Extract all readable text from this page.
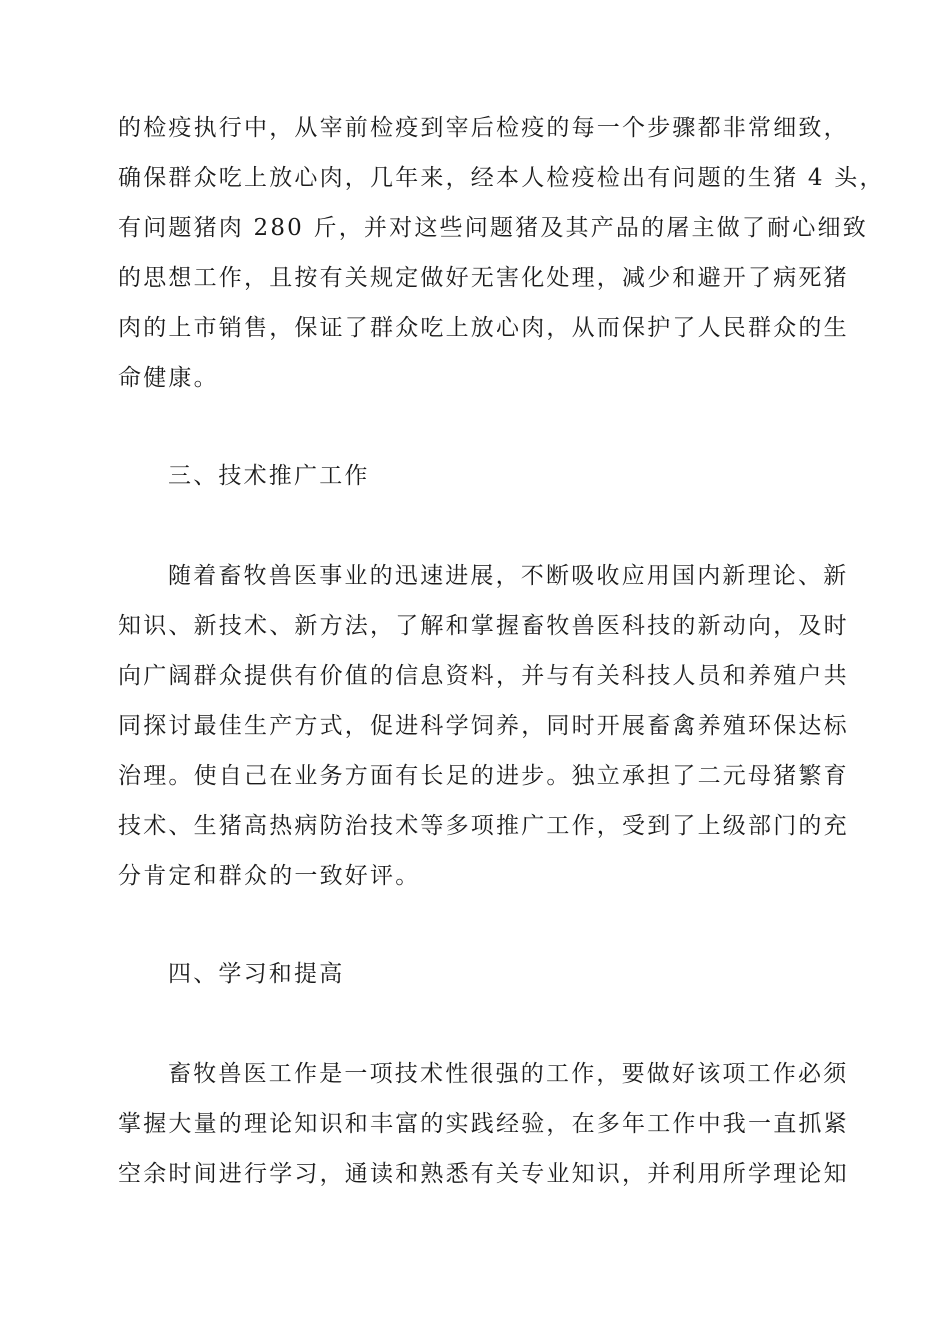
的检疫执行中，从宰前检疫到宰后检疫的每一个步骤都非常细致，
确保群众吃上放心肉，几年来，经本人检疫检出有问题的生猪 4 头，
有问题猪肉 280 斤，并对这些问题猪及其产品的屠主做了耐心细致
的思想工作，且按有关规定做好无害化处理，减少和避开了病死猪
肉的上市销售，保证了群众吃上放心肉，从而保护了人民群众的生
命健康。
三、技术推广工作
随着畜牧兽医事业的迅速进展，不断吸收应用国内新理论、新
知识、新技术、新方法，了解和掌握畜牧兽医科技的新动向，及时
向广阔群众提供有价值的信息资料，并与有关科技人员和养殖户共
同探讨最佳生产方式，促进科学饲养，同时开展畜禽养殖环保达标
治理。使自己在业务方面有长足的进步。独立承担了二元母猪繁育
技术、生猪高热病防治技术等多项推广工作，受到了上级部门的充
分肯定和群众的一致好评。
四、学习和提高
畜牧兽医工作是一项技术性很强的工作，要做好该项工作必须
掌握大量的理论知识和丰富的实践经验，在多年工作中我一直抓紧
空余时间进行学习，通读和熟悉有关专业知识，并利用所学理论知
